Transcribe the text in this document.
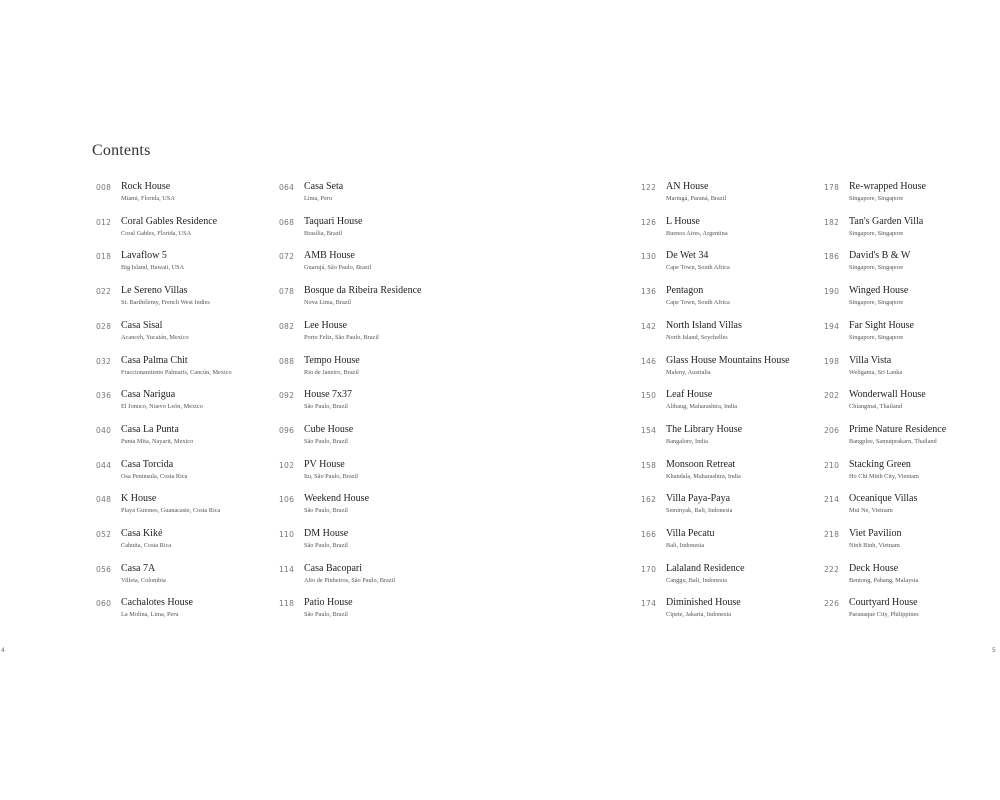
Contents
008 Rock House
Miami, Florida, USA
012 Coral Gables Residence
Coral Gables, Florida, USA
018 Lavaflow 5
Big Island, Hawaii, USA
022 Le Sereno Villas
St. Barthélemy, French West Indies
028 Casa Sisal
Acanceh, Yucatán, Mexico
032 Casa Palma Chit
Fraccionamiento Palmaris, Cancún, Mexico
036 Casa Narigua
El Jonuco, Nuevo León, Mexico
040 Casa La Punta
Punta Mita, Nayarit, Mexico
044 Casa Torcida
Osa Peninsula, Costa Rica
048 K House
Playa Guiones, Guanacaste, Costa Rica
052 Casa Kiké
Cahuita, Costa Rica
056 Casa 7A
Villeta, Colombia
060 Cachalotes House
La Molina, Lima, Peru
064 Casa Seta
Lima, Peru
068 Taquari House
Brasília, Brazil
072 AMB House
Guarujá, São Paulo, Brazil
078 Bosque da Ribeira Residence
Nova Lima, Brazil
082 Lee House
Porto Feliz, São Paulo, Brazil
088 Tempo House
Rio de Janeiro, Brazil
092 House 7x37
São Paulo, Brazil
096 Cube House
São Paulo, Brazil
102 PV House
Itu, São Paulo, Brazil
106 Weekend House
São Paulo, Brazil
110 DM House
São Paulo, Brazil
114 Casa Bacopari
Alto de Pinheiros, São Paulo, Brazil
118 Patio House
São Paulo, Brazil
122 AN House
Maringá, Paraná, Brazil
126 L House
Buenos Aires, Argentina
130 De Wet 34
Cape Town, South Africa
136 Pentagon
Cape Town, South Africa
142 North Island Villas
North Island, Seychelles
146 Glass House Mountains House
Maleny, Australia
150 Leaf House
Alibaug, Maharashtra, India
154 The Library House
Bangalore, India
158 Monsoon Retreat
Khandala, Maharashtra, India
162 Villa Paya-Paya
Seminyak, Bali, Indonesia
166 Villa Pecatu
Bali, Indonesia
170 Lalaland Residence
Canggu, Bali, Indonesia
174 Diminished House
Cipete, Jakarta, Indonesia
178 Re-wrapped House
Singapore, Singapore
182 Tan's Garden Villa
Singapore, Singapore
186 David's B & W
Singapore, Singapore
190 Winged House
Singapore, Singapore
194 Far Sight House
Singapore, Singapore
198 Villa Vista
Weligama, Sri Lanka
202 Wonderwall House
Chiangmai, Thailand
206 Prime Nature Residence
Bangplee, Samutprakarn, Thailand
210 Stacking Green
Ho Chi Minh City, Vietnam
214 Oceanique Villas
Mui Ne, Vietnam
218 Viet Pavilion
Ninh Binh, Vietnam
222 Deck House
Bentong, Pahang, Malaysia
226 Courtyard House
Paranaque City, Philippines
4	5
